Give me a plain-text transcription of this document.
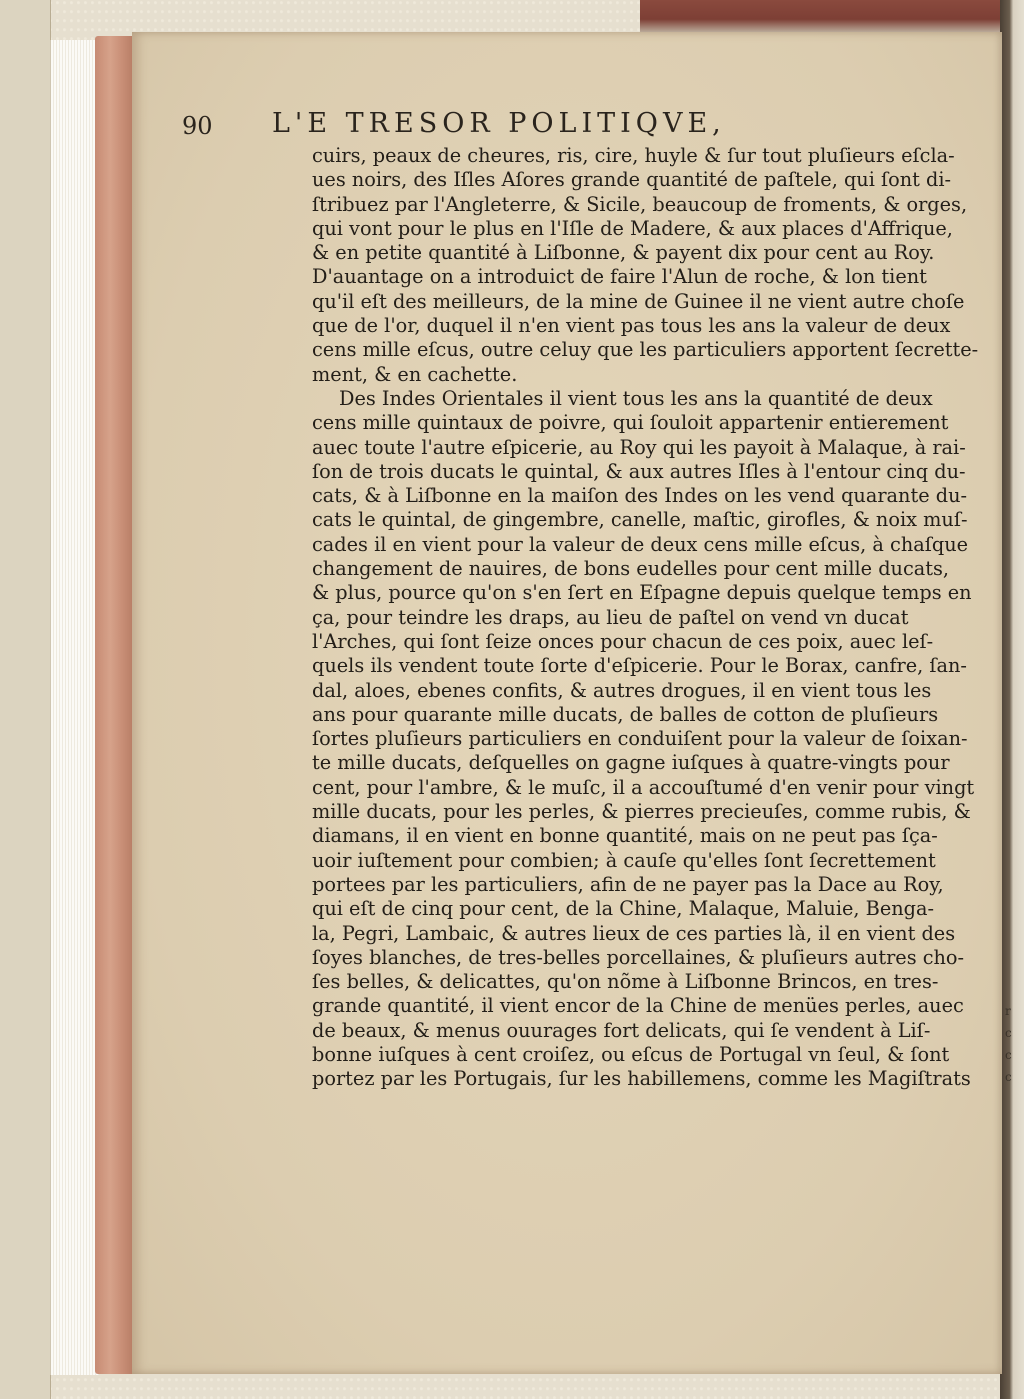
90 L'E TRESOR POLITIQVE,
cuirs, peaux de cheures, ris, cire, huyle & ſur tout pluſieurs eſcla-
ues noirs, des Iſles Aſores grande quantité de paſtele, qui ſont di-
ſtribuez par l'Angleterre, & Sicile, beaucoup de froments, & orges,
qui vont pour le plus en l'Iſle de Madere, & aux places d'Affrique,
& en petite quantité à Liſbonne, & payent dix pour cent au Roy.
D'auantage on a introduict de faire l'Alun de roche, & lon tient
qu'il eſt des meilleurs, de la mine de Guinee il ne vient autre choſe
que de l'or, duquel il n'en vient pas tous les ans la valeur de deux
cens mille eſcus, outre celuy que les particuliers apportent ſecrette-
ment, & en cachette.
Des Indes Orientales il vient tous les ans la quantité de deux
cens mille quintaux de poivre, qui ſouloit appartenir entierement
auec toute l'autre eſpicerie, au Roy qui les payoit à Malaque, à rai-
ſon de trois ducats le quintal, & aux autres Iſles à l'entour cinq du-
cats, & à Liſbonne en la maiſon des Indes on les vend quarante du-
cats le quintal, de gingembre, canelle, maſtic, girofles, & noix muſ-
cades il en vient pour la valeur de deux cens mille eſcus, à chaſque
changement de nauires, de bons eudelles pour cent mille ducats,
& plus, pource qu'on s'en ſert en Eſpagne depuis quelque temps en
ça, pour teindre les draps, au lieu de paſtel on vend vn ducat
l'Arches, qui ſont ſeize onces pour chacun de ces poix, auec leſ-
quels ils vendent toute ſorte d'eſpicerie. Pour le Borax, canfre, ſan-
dal, aloes, ebenes confits, & autres drogues, il en vient tous les
ans pour quarante mille ducats, de balles de cotton de pluſieurs
ſortes pluſieurs particuliers en conduiſent pour la valeur de ſoixan-
te mille ducats, deſquelles on gagne iuſques à quatre-vingts pour
cent, pour l'ambre, & le muſc, il a accouſtumé d'en venir pour vingt
mille ducats, pour les perles, & pierres precieuſes, comme rubis, &
diamans, il en vient en bonne quantité, mais on ne peut pas ſça-
uoir iuſtement pour combien; à cauſe qu'elles ſont ſecrettement
portees par les particuliers, afin de ne payer pas la Dace au Roy,
qui eſt de cinq pour cent, de la Chine, Malaque, Maluie, Benga-
la, Pegri, Lambaic, & autres lieux de ces parties là, il en vient des
ſoyes blanches, de tres-belles porcellaines, & pluſieurs autres cho-
ſes belles, & delicattes, qu'on nõme à Liſbonne Brincos, en tres-
grande quantité, il vient encor de la Chine de menües perles, auec
de beaux, & menus ouurages fort delicats, qui ſe vendent à Liſ-
bonne iuſques à cent croiſez, ou eſcus de Portugal vn ſeul, & ſont
portez par les Portugais, ſur les habillemens, comme les Magiſtrats
r
c
c
c
